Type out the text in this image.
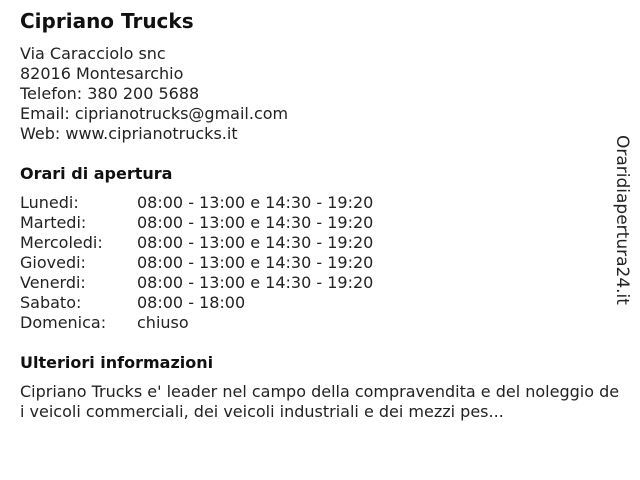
Cipriano Trucks
Via Caracciolo snc
82016 Montesarchio
Telefon: 380 200 5688
Email: ciprianotrucks@gmail.com
Web: www.ciprianotrucks.it
Orari di apertura
Lunedi:	08:00 - 13:00 e 14:30 - 19:20
Martedi:	08:00 - 13:00 e 14:30 - 19:20
Mercoledi:	08:00 - 13:00 e 14:30 - 19:20
Giovedi:	08:00 - 13:00 e 14:30 - 19:20
Venerdi:	08:00 - 13:00 e 14:30 - 19:20
Sabato:	08:00 - 18:00
Domenica:	chiuso
Ulteriori informazioni

Cipriano Trucks e' leader nel campo della compravendita e del noleggio dei veicoli commerciali, dei veicoli industriali e dei mezzi pes...

Oraridiapertura24.it
